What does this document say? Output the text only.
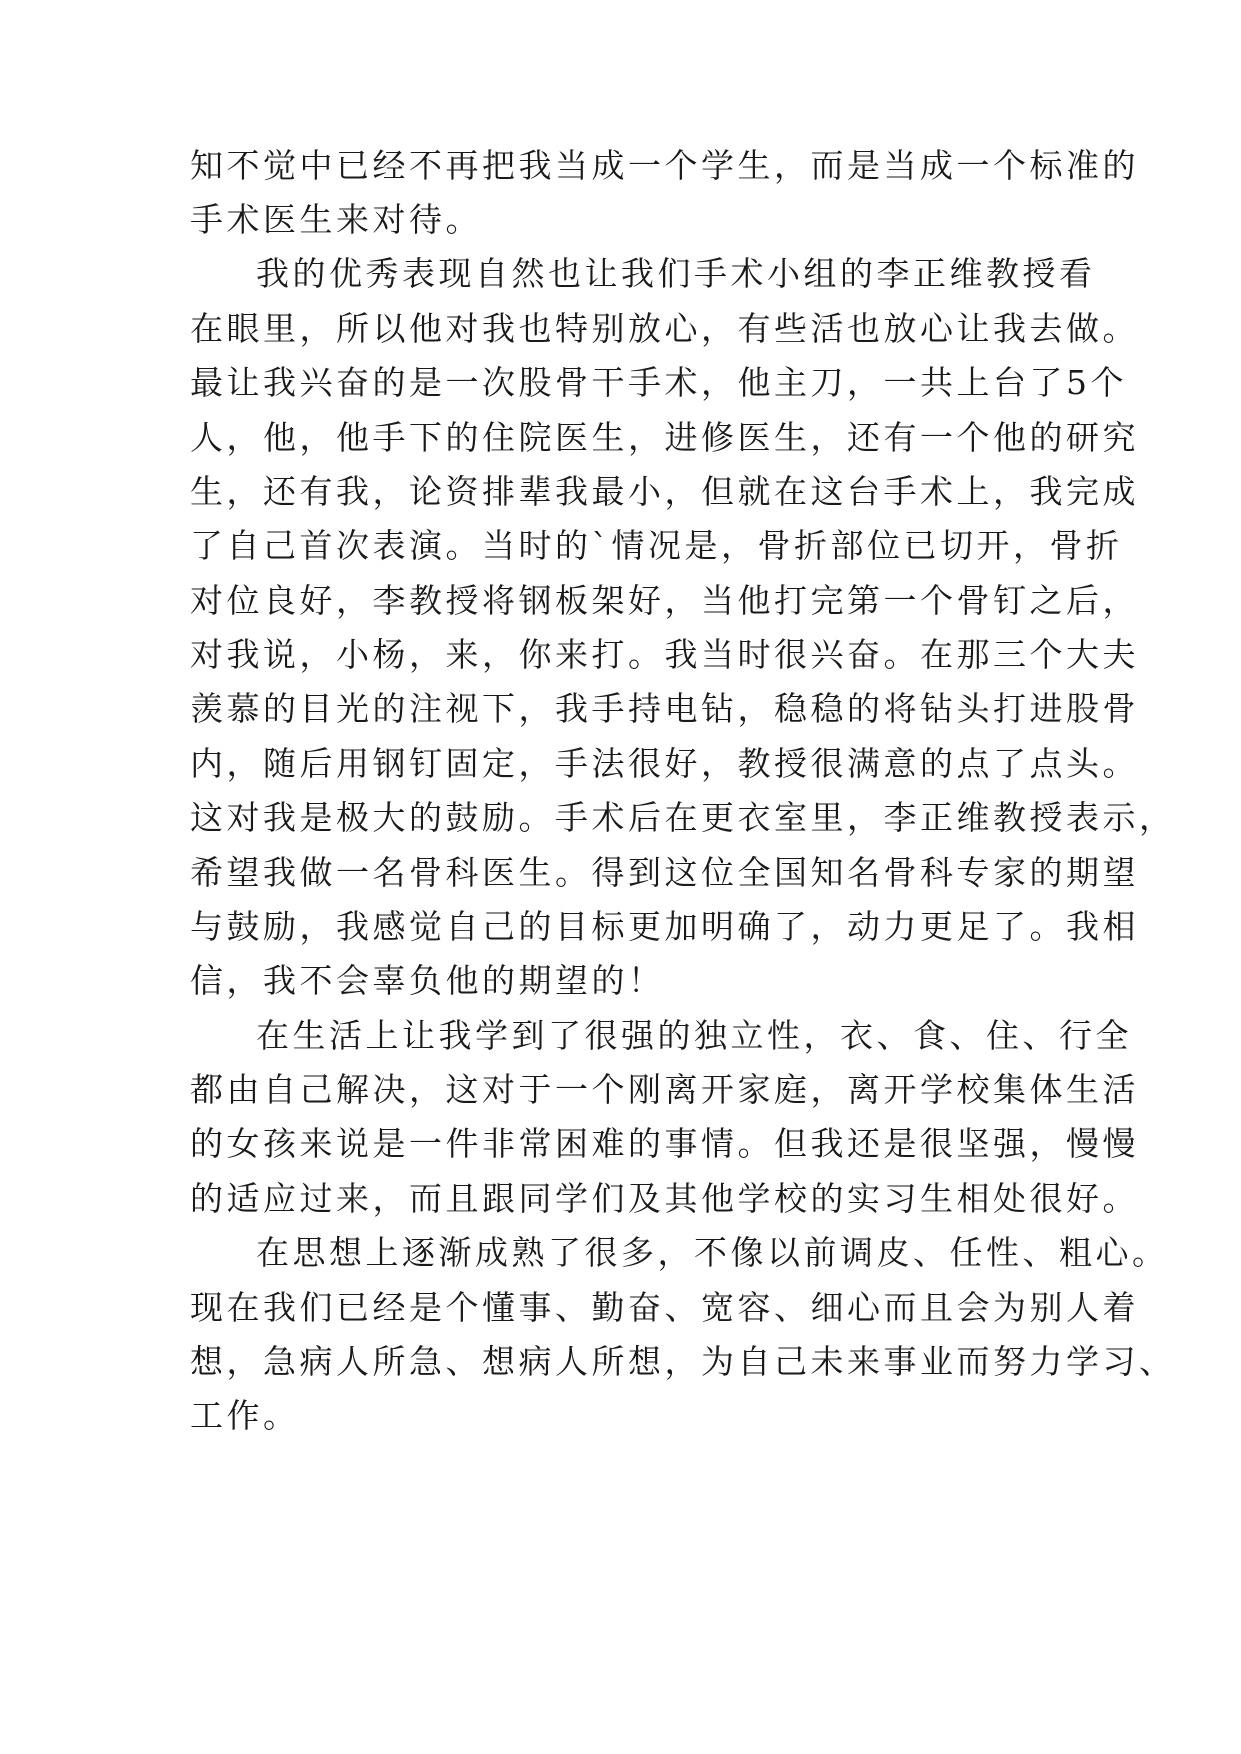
知不觉中已经不再把我当成一个学生，而是当成一个标准的
手术医生来对待。
我的优秀表现自然也让我们手术小组的李正维教授看
在眼里，所以他对我也特别放心，有些活也放心让我去做。
最让我兴奋的是一次股骨干手术，他主刀，一共上台了5个
人，他，他手下的住院医生，进修医生，还有一个他的研究
生，还有我，论资排辈我最小，但就在这台手术上，我完成
了自己首次表演。当时的`情况是，骨折部位已切开，骨折
对位良好，李教授将钢板架好，当他打完第一个骨钉之后，
对我说，小杨，来，你来打。我当时很兴奋。在那三个大夫
羡慕的目光的注视下，我手持电钻，稳稳的将钻头打进股骨
内，随后用钢钉固定，手法很好，教授很满意的点了点头。
这对我是极大的鼓励。手术后在更衣室里，李正维教授表示，
希望我做一名骨科医生。得到这位全国知名骨科专家的期望
与鼓励，我感觉自己的目标更加明确了，动力更足了。我相
信，我不会辜负他的期望的！
在生活上让我学到了很强的独立性，衣、食、住、行全
都由自己解决，这对于一个刚离开家庭，离开学校集体生活
的女孩来说是一件非常困难的事情。但我还是很坚强，慢慢
的适应过来，而且跟同学们及其他学校的实习生相处很好。
在思想上逐渐成熟了很多，不像以前调皮、任性、粗心。
现在我们已经是个懂事、勤奋、宽容、细心而且会为别人着
想，急病人所急、想病人所想，为自己未来事业而努力学习、
工作。
